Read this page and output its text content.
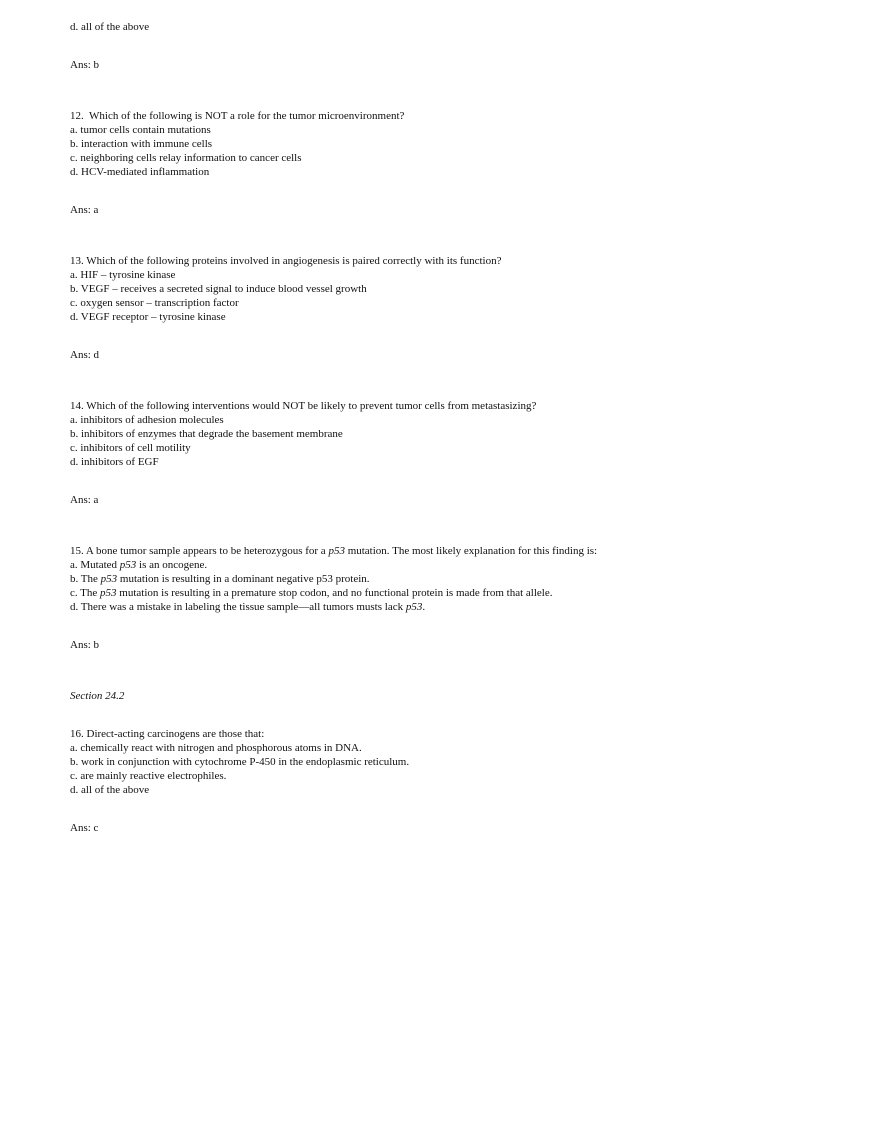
d. all of the above
Ans: b
12.  Which of the following is NOT a role for the tumor microenvironment?
a. tumor cells contain mutations
b. interaction with immune cells
c. neighboring cells relay information to cancer cells
d. HCV-mediated inflammation
Ans: a
13. Which of the following proteins involved in angiogenesis is paired correctly with its function?
a. HIF – tyrosine kinase
b. VEGF – receives a secreted signal to induce blood vessel growth
c. oxygen sensor – transcription factor
d. VEGF receptor – tyrosine kinase
Ans: d
14. Which of the following interventions would NOT be likely to prevent tumor cells from metastasizing?
a. inhibitors of adhesion molecules
b. inhibitors of enzymes that degrade the basement membrane
c. inhibitors of cell motility
d. inhibitors of EGF
Ans: a
15. A bone tumor sample appears to be heterozygous for a p53 mutation. The most likely explanation for this finding is:
a. Mutated p53 is an oncogene.
b. The p53 mutation is resulting in a dominant negative p53 protein.
c. The p53 mutation is resulting in a premature stop codon, and no functional protein is made from that allele.
d. There was a mistake in labeling the tissue sample—all tumors musts lack p53.
Ans: b
Section 24.2
16. Direct-acting carcinogens are those that:
a. chemically react with nitrogen and phosphorous atoms in DNA.
b. work in conjunction with cytochrome P-450 in the endoplasmic reticulum.
c. are mainly reactive electrophiles.
d. all of the above
Ans: c
